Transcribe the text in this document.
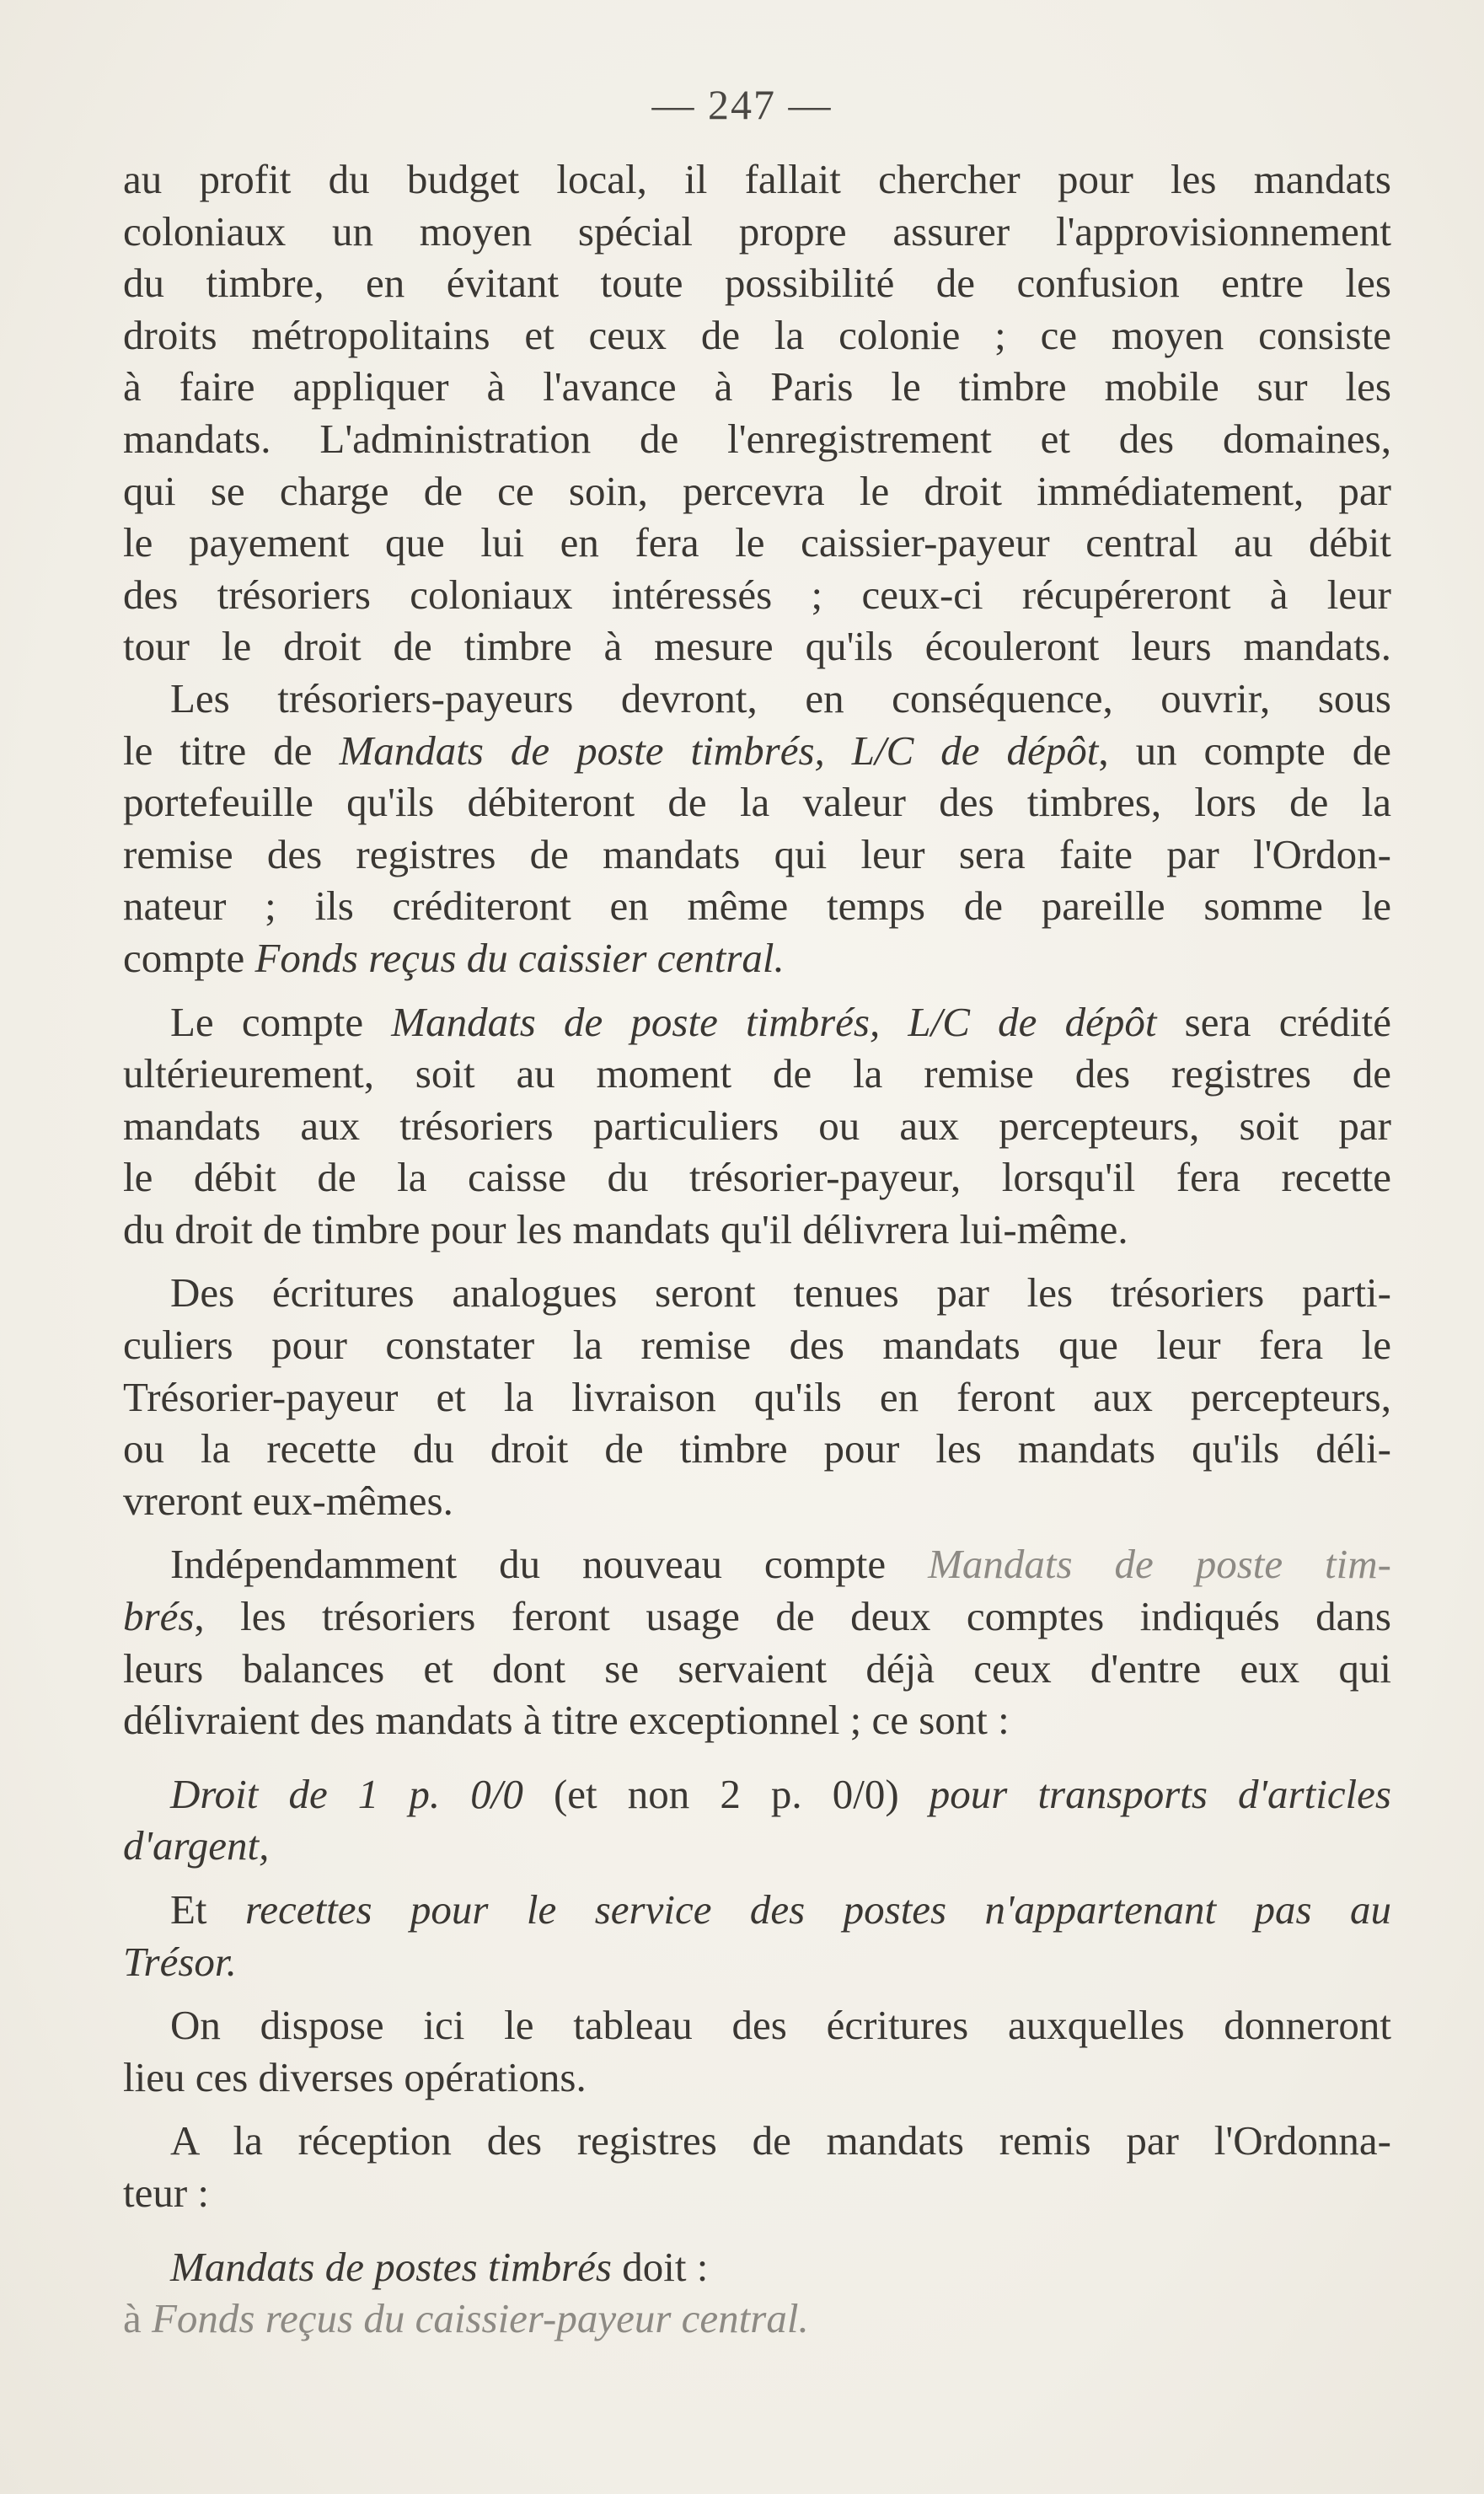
— 247 —
au profit du budget local, il fallait chercher pour les mandats
coloniaux un moyen spécial propre assurer l'approvisionnement
du timbre, en évitant toute possibilité de confusion entre les
droits métropolitains et ceux de la colonie ; ce moyen consiste
à faire appliquer à l'avance à Paris le timbre mobile sur les
mandats. L'administration de l'enregistrement et des domaines,
qui se charge de ce soin, percevra le droit immédiatement, par
le payement que lui en fera le caissier-payeur central au débit
des trésoriers coloniaux intéressés ; ceux-ci récupéreront à leur
tour le droit de timbre à mesure qu'ils écouleront leurs mandats.
Les trésoriers-payeurs devront, en conséquence, ouvrir, sous
le titre de Mandats de poste timbrés, L/C de dépôt, un compte de
portefeuille qu'ils débiteront de la valeur des timbres, lors de la
remise des registres de mandats qui leur sera faite par l'Ordon-
nateur ; ils créditeront en même temps de pareille somme le
compte Fonds reçus du caissier central.
Le compte Mandats de poste timbrés, L/C de dépôt sera crédité
ultérieurement, soit au moment de la remise des registres de
mandats aux trésoriers particuliers ou aux percepteurs, soit par
le débit de la caisse du trésorier-payeur, lorsqu'il fera recette
du droit de timbre pour les mandats qu'il délivrera lui-même.
Des écritures analogues seront tenues par les trésoriers parti-
culiers pour constater la remise des mandats que leur fera le
Trésorier-payeur et la livraison qu'ils en feront aux percepteurs,
ou la recette du droit de timbre pour les mandats qu'ils déli-
vreront eux-mêmes.
Indépendamment du nouveau compte Mandats de poste tim-
brés, les trésoriers feront usage de deux comptes indiqués dans
leurs balances et dont se servaient déjà ceux d'entre eux qui
délivraient des mandats à titre exceptionnel ; ce sont :
Droit de 1 p. 0/0 (et non 2 p. 0/0) pour transports d'articles
d'argent,
Et recettes pour le service des postes n'appartenant pas au
Trésor.
On dispose ici le tableau des écritures auxquelles donneront
lieu ces diverses opérations.
A la réception des registres de mandats remis par l'Ordonna-
teur :
Mandats de postes timbrés doit :
à Fonds reçus du caissier-payeur central.
